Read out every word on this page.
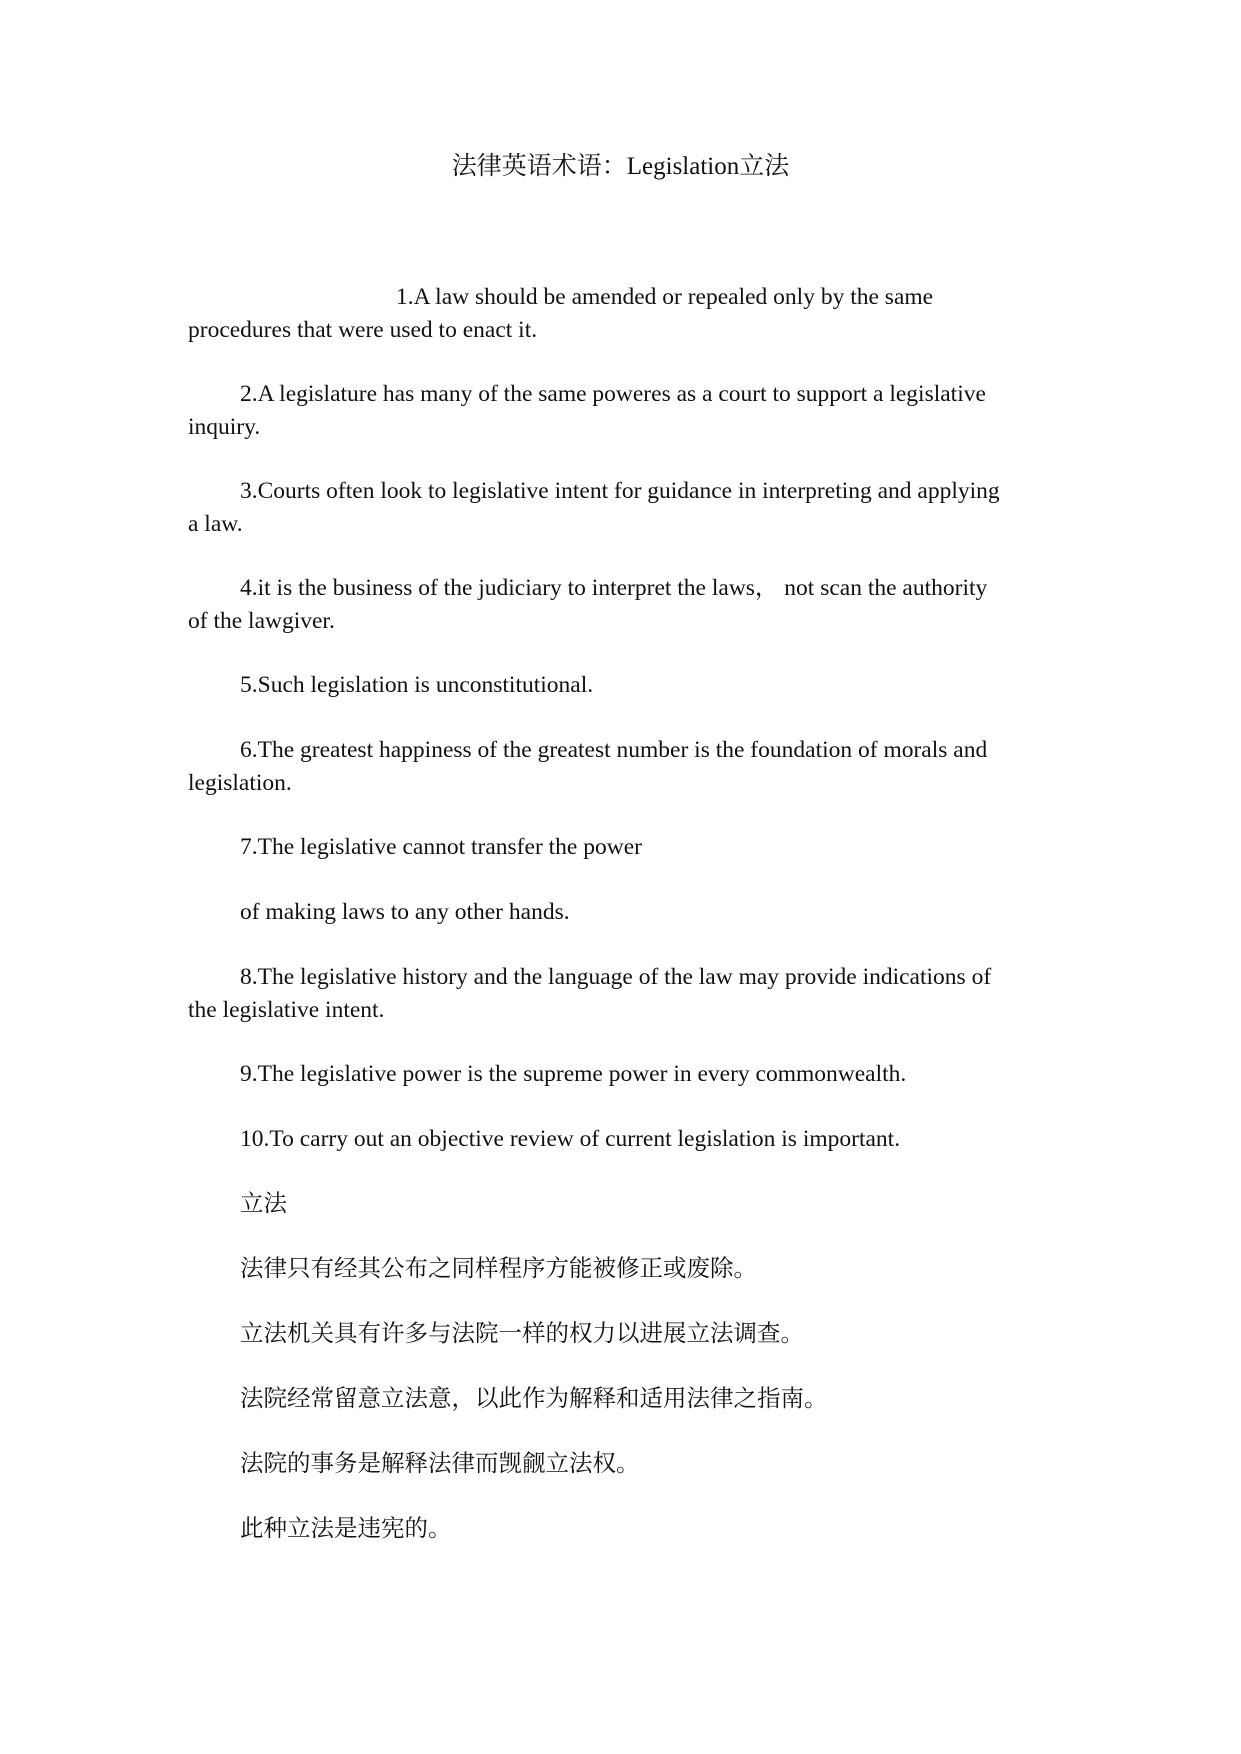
法律英语术语：Legislation立法
1.A law should be amended or repealed only by the same
procedures that were used to enact it.
2.A legislature has many of the same poweres as a court to support a legislative
inquiry.
3.Courts often look to legislative intent for guidance in interpreting and applying
a law.
4.it is the business of the judiciary to interpret the laws， not scan the authority
of the lawgiver.
5.Such legislation is unconstitutional.
6.The greatest happiness of the greatest number is the foundation of morals and
legislation.
7.The legislative cannot transfer the power
of making laws to any other hands.
8.The legislative history and the language of the law may provide indications of
the legislative intent.
9.The legislative power is the supreme power in every commonwealth.
10.To carry out an objective review of current legislation is important.
立法
法律只有经其公布之同样程序方能被修正或废除。
立法机关具有许多与法院一样的权力以进展立法调查。
法院经常留意立法意，以此作为解释和适用法律之指南。
法院的事务是解释法律而觊觎立法权。
此种立法是违宪的。
